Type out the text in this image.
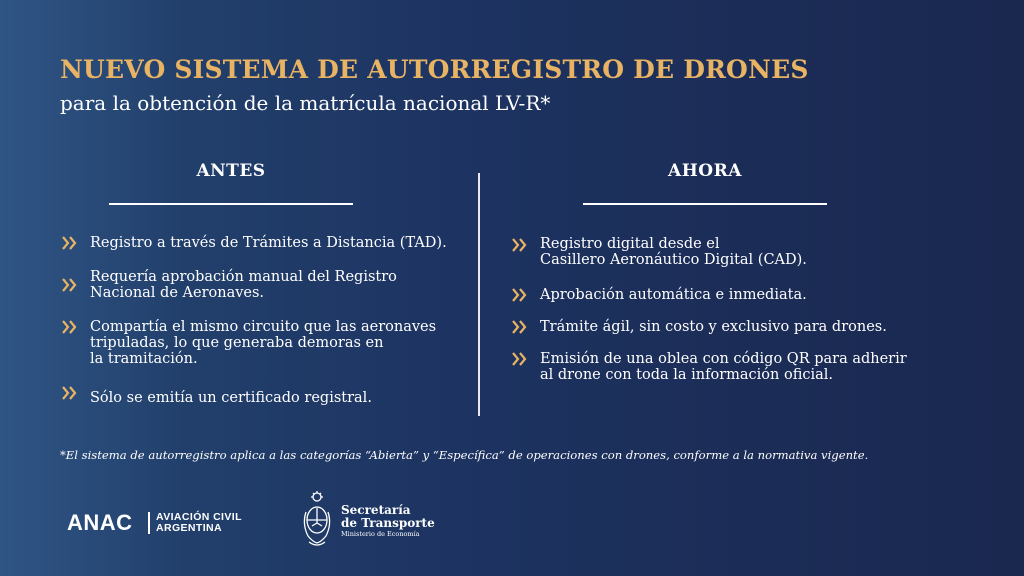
NUEVO SISTEMA DE AUTORREGISTRO DE DRONES
para la obtención de la matrícula nacional LV-R*
ANTES	AHORA
Registro a través de Trámites a Distancia (TAD).
Requería aprobación manual del Registro
Nacional de Aeronaves.
Compartía el mismo circuito que las aeronaves
tripuladas, lo que generaba demoras en
la tramitación.
Sólo se emitía un certificado registral.
Registro digital desde el
Casillero Aeronáutico Digital (CAD).
Aprobación automática e inmediata.
Trámite ágil, sin costo y exclusivo para drones.
Emisión de una oblea con código QR para adherir
al drone con toda la información oficial.
*El sistema de autorregistro aplica a las categorías “Abierta” y “Específica” de operaciones con drones, conforme a la normativa vigente.
ANAC AVIACIÓN CIVIL
ARGENTINA
Secretaría
de Transporte
Ministerio de Economía
